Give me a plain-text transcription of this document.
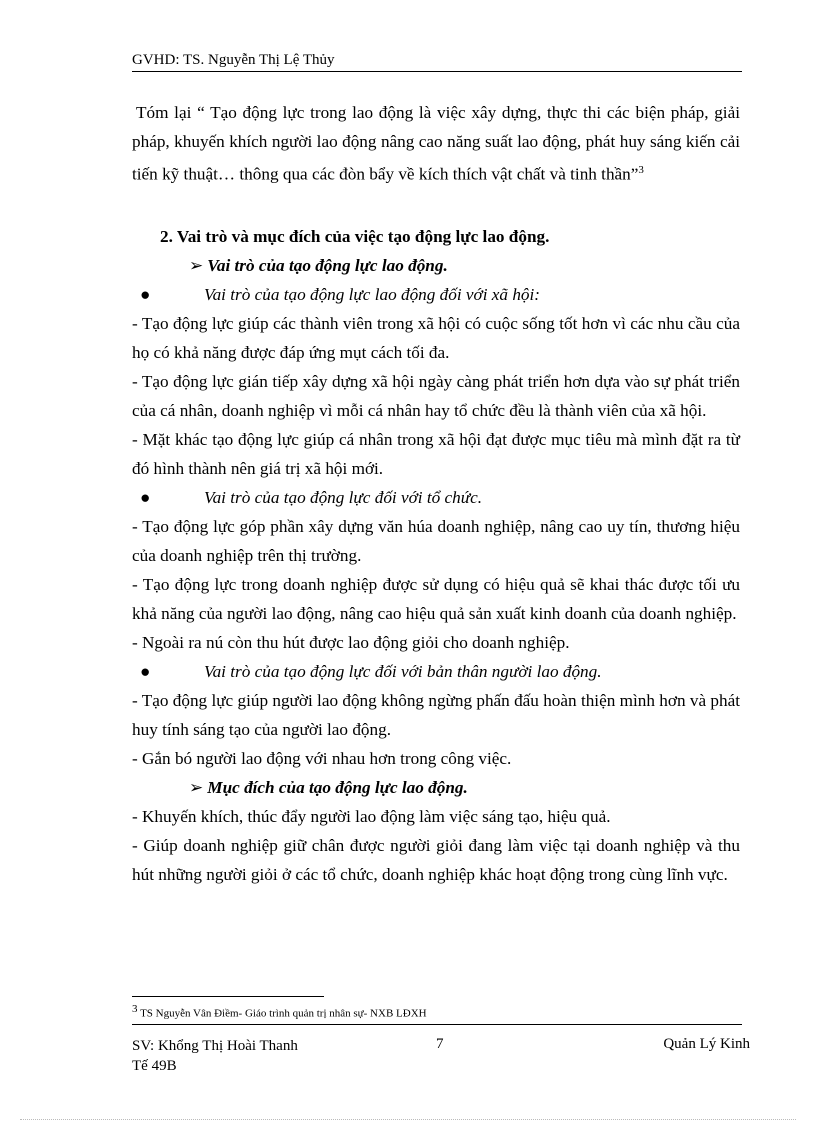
GVHD: TS. Nguyễn Thị Lệ Thủy

Tóm lại “ Tạo động lực trong lao động là việc xây dựng, thực thi các biện pháp, giải pháp, khuyến khích người lao động nâng cao năng suất lao động, phát huy sáng kiến cải tiến kỹ thuật… thông qua các đòn bẩy về kích thích vật chất và tinh thần”$^3$

2. Vai trò và mục đích của việc tạo động lực lao động.

➢ Vai trò của tạo động lực lao động.

●	Vai trò của tạo động lực lao động đối với xã hội:

- Tạo động lực giúp các thành viên trong xã hội có cuộc sống tốt hơn vì các nhu cầu của họ có khả năng được đáp ứng mụt cách tối đa.

- Tạo động lực gián tiếp xây dựng xã hội ngày càng phát triển hơn dựa vào sự phát triển của cá nhân, doanh nghiệp vì mỗi cá nhân hay tổ chức đều là thành viên của xã hội.

- Mặt khác tạo động lực giúp cá nhân trong xã hội đạt được mục tiêu mà mình đặt ra từ đó hình thành nên giá trị xã hội mới.

●	Vai trò của tạo động lực đối với tổ chức.

- Tạo động lực góp phần xây dựng văn húa doanh nghiệp, nâng cao uy tín, thương hiệu của doanh nghiệp trên thị trường.

- Tạo động lực trong doanh nghiệp được sử dụng có hiệu quả sẽ khai thác được tối ưu khả năng của người lao động, nâng cao hiệu quả sản xuất kinh doanh của doanh nghiệp.

- Ngoài ra nú còn thu hút được lao động giỏi cho doanh nghiệp.

●	Vai trò của tạo động lực đối với bản thân người lao động.

- Tạo động lực giúp người lao động không ngừng phấn đấu hoàn thiện mình hơn và phát huy tính sáng tạo của người lao động.

- Gắn bó người lao động với nhau hơn trong công việc.

➢ Mục đích của tạo động lực lao động.

- Khuyến khích, thúc đẩy người lao động làm việc sáng tạo, hiệu quả.

- Giúp doanh nghiệp giữ chân được người giỏi đang làm việc tại doanh nghiệp và thu hút những người giỏi ở các tổ chức, doanh nghiệp khác hoạt động trong cùng lĩnh vực.

$^3$ TS Nguyễn Vân Điềm- Giáo trình quản trị nhân sự- NXB LĐXH
SV: Khổng Thị Hoài Thanh
Tế 49B
7	Quản Lý Kinh
